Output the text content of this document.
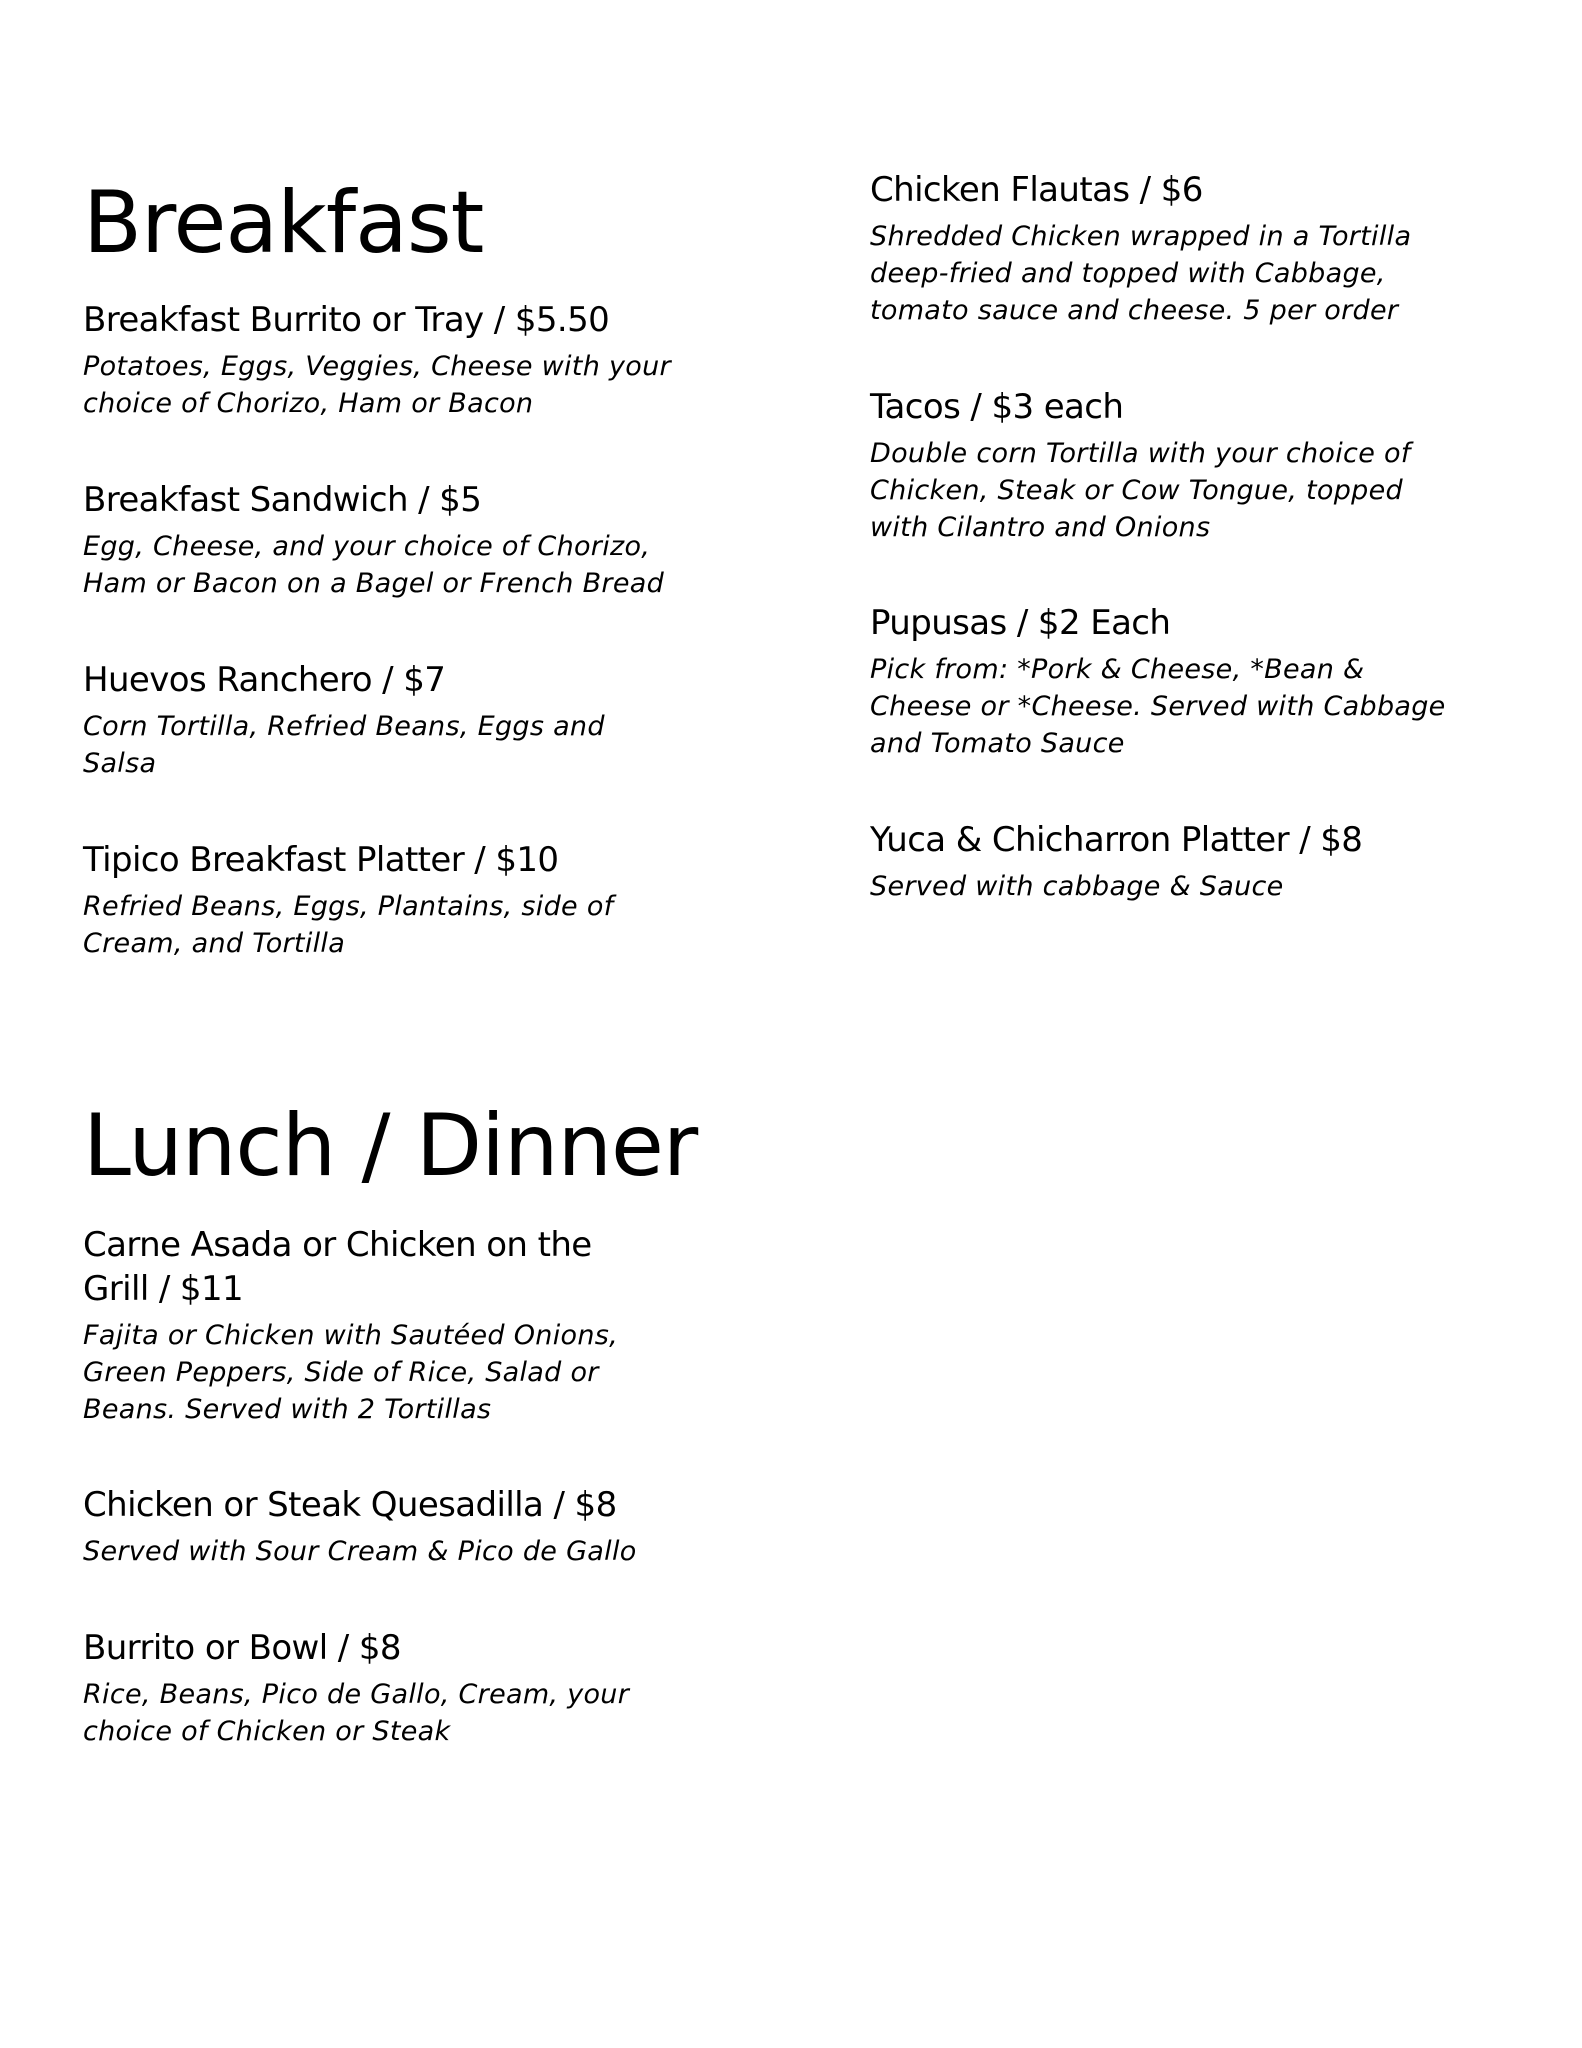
Breakfast
Breakfast Burrito or Tray / $5.50
Potatoes, Eggs, Veggies, Cheese with your
choice of Chorizo, Ham or Bacon
Breakfast Sandwich / $5
Egg, Cheese, and your choice of Chorizo,
Ham or Bacon on a Bagel or French Bread
Huevos Ranchero / $7
Corn Tortilla, Refried Beans, Eggs and
Salsa
Tipico Breakfast Platter / $10
Refried Beans, Eggs, Plantains, side of
Cream, and Tortilla
Lunch / Dinner
Carne Asada or Chicken on the
Grill / $11
Fajita or Chicken with Sautéed Onions,
Green Peppers, Side of Rice, Salad or
Beans. Served with 2 Tortillas
Chicken or Steak Quesadilla / $8
Served with Sour Cream & Pico de Gallo
Burrito or Bowl / $8
Rice, Beans, Pico de Gallo, Cream, your
choice of Chicken or Steak
Chicken Flautas / $6
Shredded Chicken wrapped in a Tortilla
deep-fried and topped with Cabbage,
tomato sauce and cheese. 5 per order
Tacos / $3 each
Double corn Tortilla with your choice of
Chicken, Steak or Cow Tongue, topped
with Cilantro and Onions
Pupusas / $2 Each
Pick from: *Pork & Cheese, *Bean &
Cheese or *Cheese. Served with Cabbage
and Tomato Sauce
Yuca & Chicharron Platter / $8
Served with cabbage & Sauce
